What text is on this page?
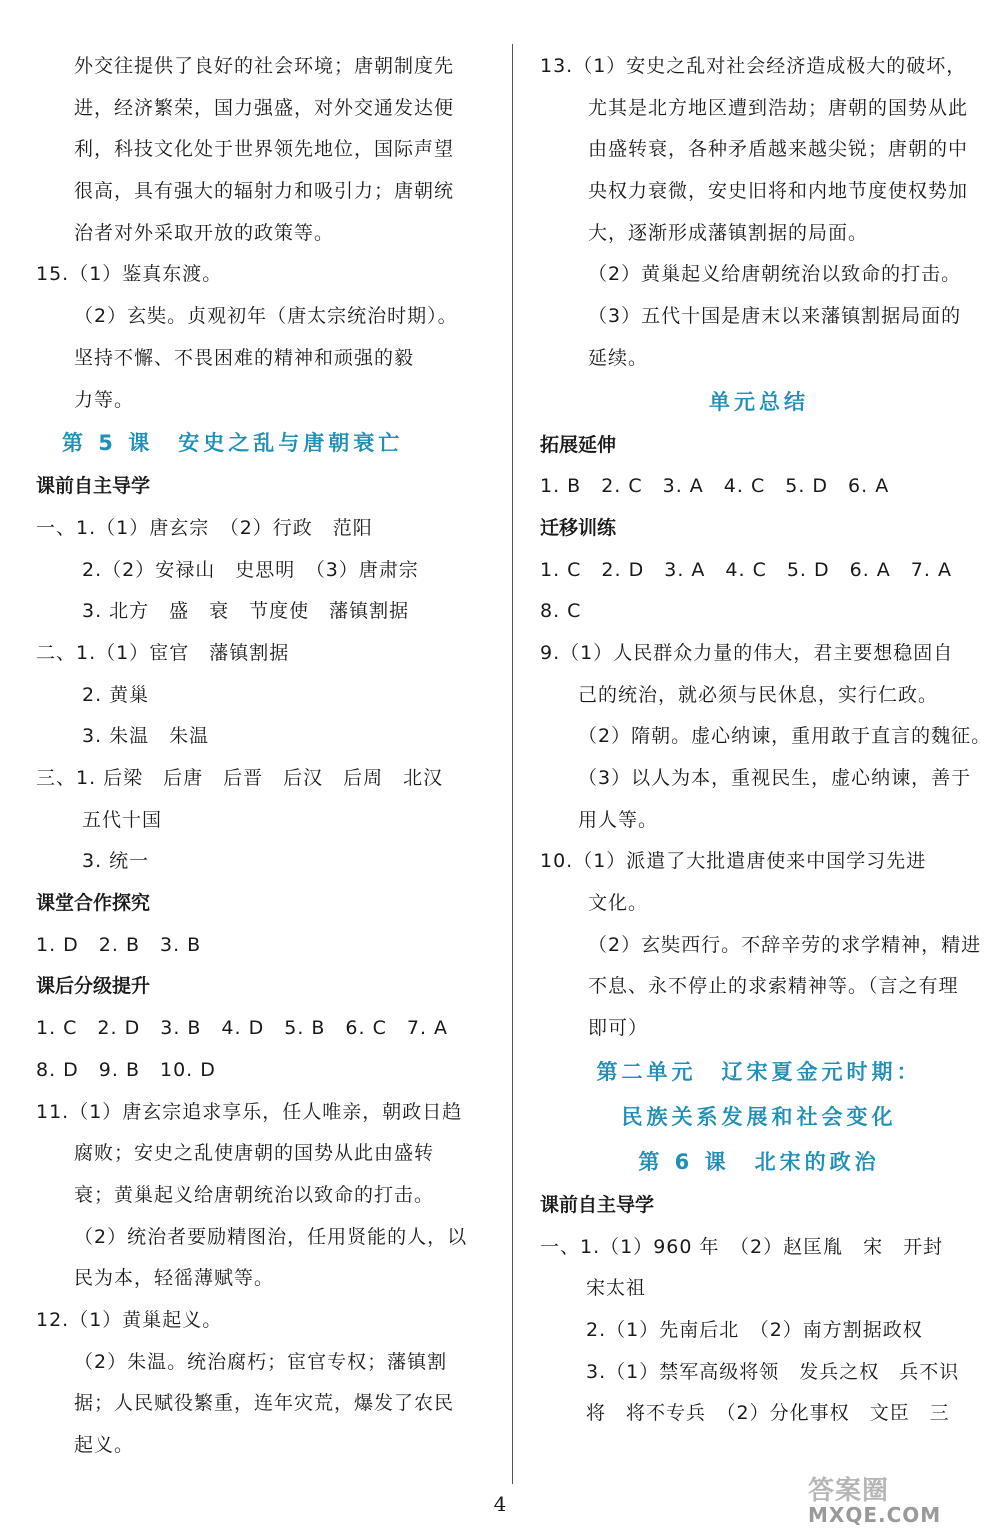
外交往提供了良好的社会环境；唐朝制度先
进，经济繁荣，国力强盛，对外交通发达便
利，科技文化处于世界领先地位，国际声望
很高，具有强大的辐射力和吸引力；唐朝统
治者对外采取开放的政策等。
15.（1）鉴真东渡。
（2）玄奘。贞观初年（唐太宗统治时期）。
坚持不懈、不畏困难的精神和顽强的毅
力等。
第 5 课　安史之乱与唐朝衰亡
课前自主导学
一、1.（1）唐玄宗　（2）行政　范阳
2.（2）安禄山　史思明　（3）唐肃宗
3. 北方　盛　衰　节度使　藩镇割据
二、1.（1）宦官　藩镇割据
2. 黄巢
3. 朱温　朱温
三、1. 后梁　后唐　后晋　后汉　后周　北汉
五代十国
3. 统一
课堂合作探究
1. D　2. B　3. B
课后分级提升
1. C　2. D　3. B　4. D　5. B　6. C　7. A
8. D　9. B　10. D
11.（1）唐玄宗追求享乐，任人唯亲，朝政日趋
腐败；安史之乱使唐朝的国势从此由盛转
衰；黄巢起义给唐朝统治以致命的打击。
（2）统治者要励精图治，任用贤能的人，以
民为本，轻徭薄赋等。
12.（1）黄巢起义。
（2）朱温。统治腐朽；宦官专权；藩镇割
据；人民赋役繁重，连年灾荒，爆发了农民
起义。
13.（1）安史之乱对社会经济造成极大的破坏，
尤其是北方地区遭到浩劫；唐朝的国势从此
由盛转衰，各种矛盾越来越尖锐；唐朝的中
央权力衰微，安史旧将和内地节度使权势加
大，逐渐形成藩镇割据的局面。
（2）黄巢起义给唐朝统治以致命的打击。
（3）五代十国是唐末以来藩镇割据局面的
延续。
单元总结
拓展延伸
1. B　2. C　3. A　4. C　5. D　6. A
迁移训练
1. C　2. D　3. A　4. C　5. D　6. A　7. A
8. C
9.（1）人民群众力量的伟大，君主要想稳固自
己的统治，就必须与民休息，实行仁政。
（2）隋朝。虚心纳谏，重用敢于直言的魏征。
（3）以人为本，重视民生，虚心纳谏，善于
用人等。
10.（1）派遣了大批遣唐使来中国学习先进
文化。
（2）玄奘西行。不辞辛劳的求学精神，精进
不息、永不停止的求索精神等。（言之有理
即可）
第二单元　辽宋夏金元时期：
民族关系发展和社会变化
第 6 课　北宋的政治
课前自主导学
一、1.（1）960 年　（2）赵匡胤　宋　开封
宋太祖
2.（1）先南后北　（2）南方割据政权
3.（1）禁军高级将领　发兵之权　兵不识
将　将不专兵　（2）分化事权　文臣　三
4	答案圈
MXQE.COM
